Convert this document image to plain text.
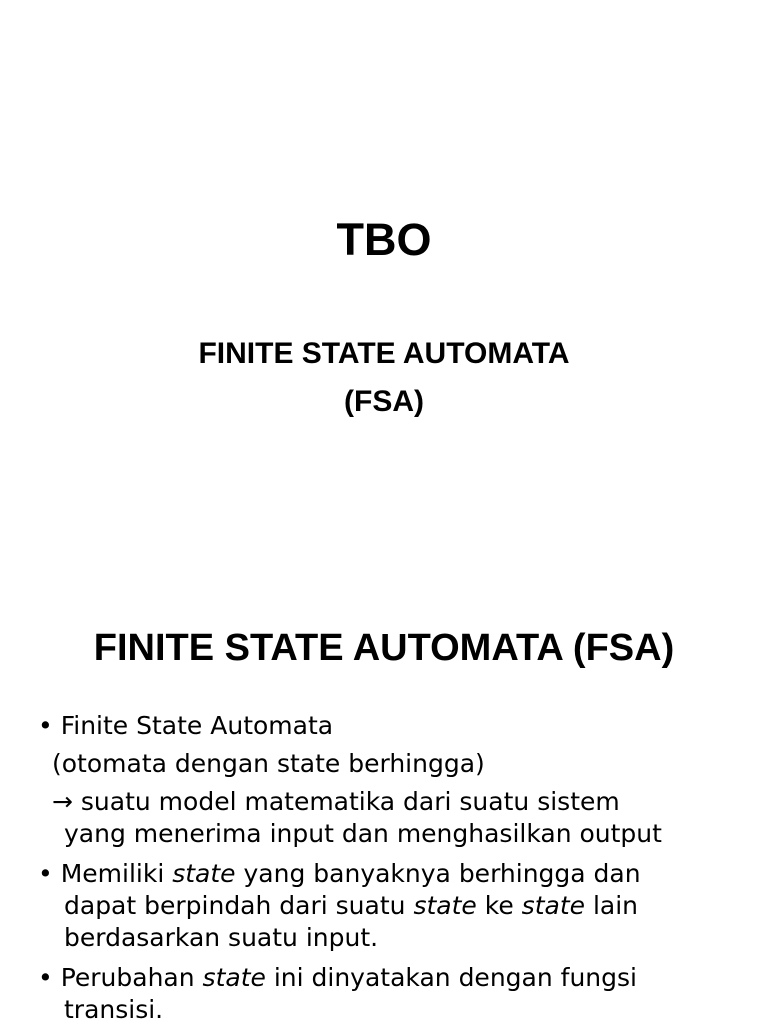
TBO
FINITE STATE AUTOMATA
(FSA)
FINITE STATE AUTOMATA (FSA)

• Finite State Automata

(otomata dengan state berhingga)

→ suatu model matematika dari suatu sistem

yang menerima input dan menghasilkan output

• Memiliki state yang banyaknya berhingga dan

dapat berpindah dari suatu state ke state lain

berdasarkan suatu input.

• Perubahan state ini dinyatakan dengan fungsi

transisi.
